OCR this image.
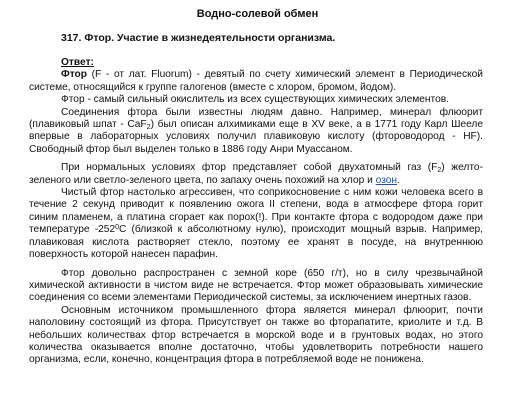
Водно-солевой обмен
317. Фтор. Участие в жизнедеятельности организма.
Ответ:

Фтор (F - от лат. Fluorum) - девятый по счету химический элемент в Периодической системе, относящийся к группе галогенов (вместе с хлором, бромом, йодом).

Фтор - самый сильный окислитель из всех существующих химических элементов.

Соединения фтора были известны людям давно. Например, минерал флюорит (плавиковый шпат - CaF$_2$) был описан алхимиками еще в XV веке, а в 1771 году Карл Шееле впервые в лабораторных условиях получил плавиковую кислоту (фтороводород - HF). Свободный фтор был выделен только в 1886 году Анри Муассаном.

При нормальных условиях фтор представляет собой двухатомный газ $(F_2)$ желто-зеленого или светло-зеленого цвета, по запаху очень похожий на хлор и озон.

Чистый фтор настолько агрессивен, что соприкосновение с ним кожи человека всего в течение 2 секунд приводит к появлению ожога II степени, вода в атмосфере фтора горит синим пламенем, а платина сгорает как порох(!). При контакте фтора с водородом даже при температуре $-252^0С$ (близкой к абсолютному нулю), происходит мощный взрыв. Например, плавиковая кислота растворяет стекло, поэтому ее хранят в посуде, на внутреннюю поверхность которой нанесен парафин.

Фтор довольно распространен с земной коре (650 г/т), но в силу чрезвычайной химической активности в чистом виде не встречается. Фтор может образовывать химические соединения со всеми элементами Периодической системы, за исключением инертных газов.

Основным источником промышленного фтора является минерал флюорит, почти наполовину состоящий из фтора. Присутствует он также во фторапатите, криолите и т.д. В небольших количествах фтор встречается в морской воде и в грунтовых водах, но этого количества оказывается вполне достаточно, чтобы удовлетворить потребности нашего организма, если, конечно, концентрация фтора в потребляемой воде не понижена.
